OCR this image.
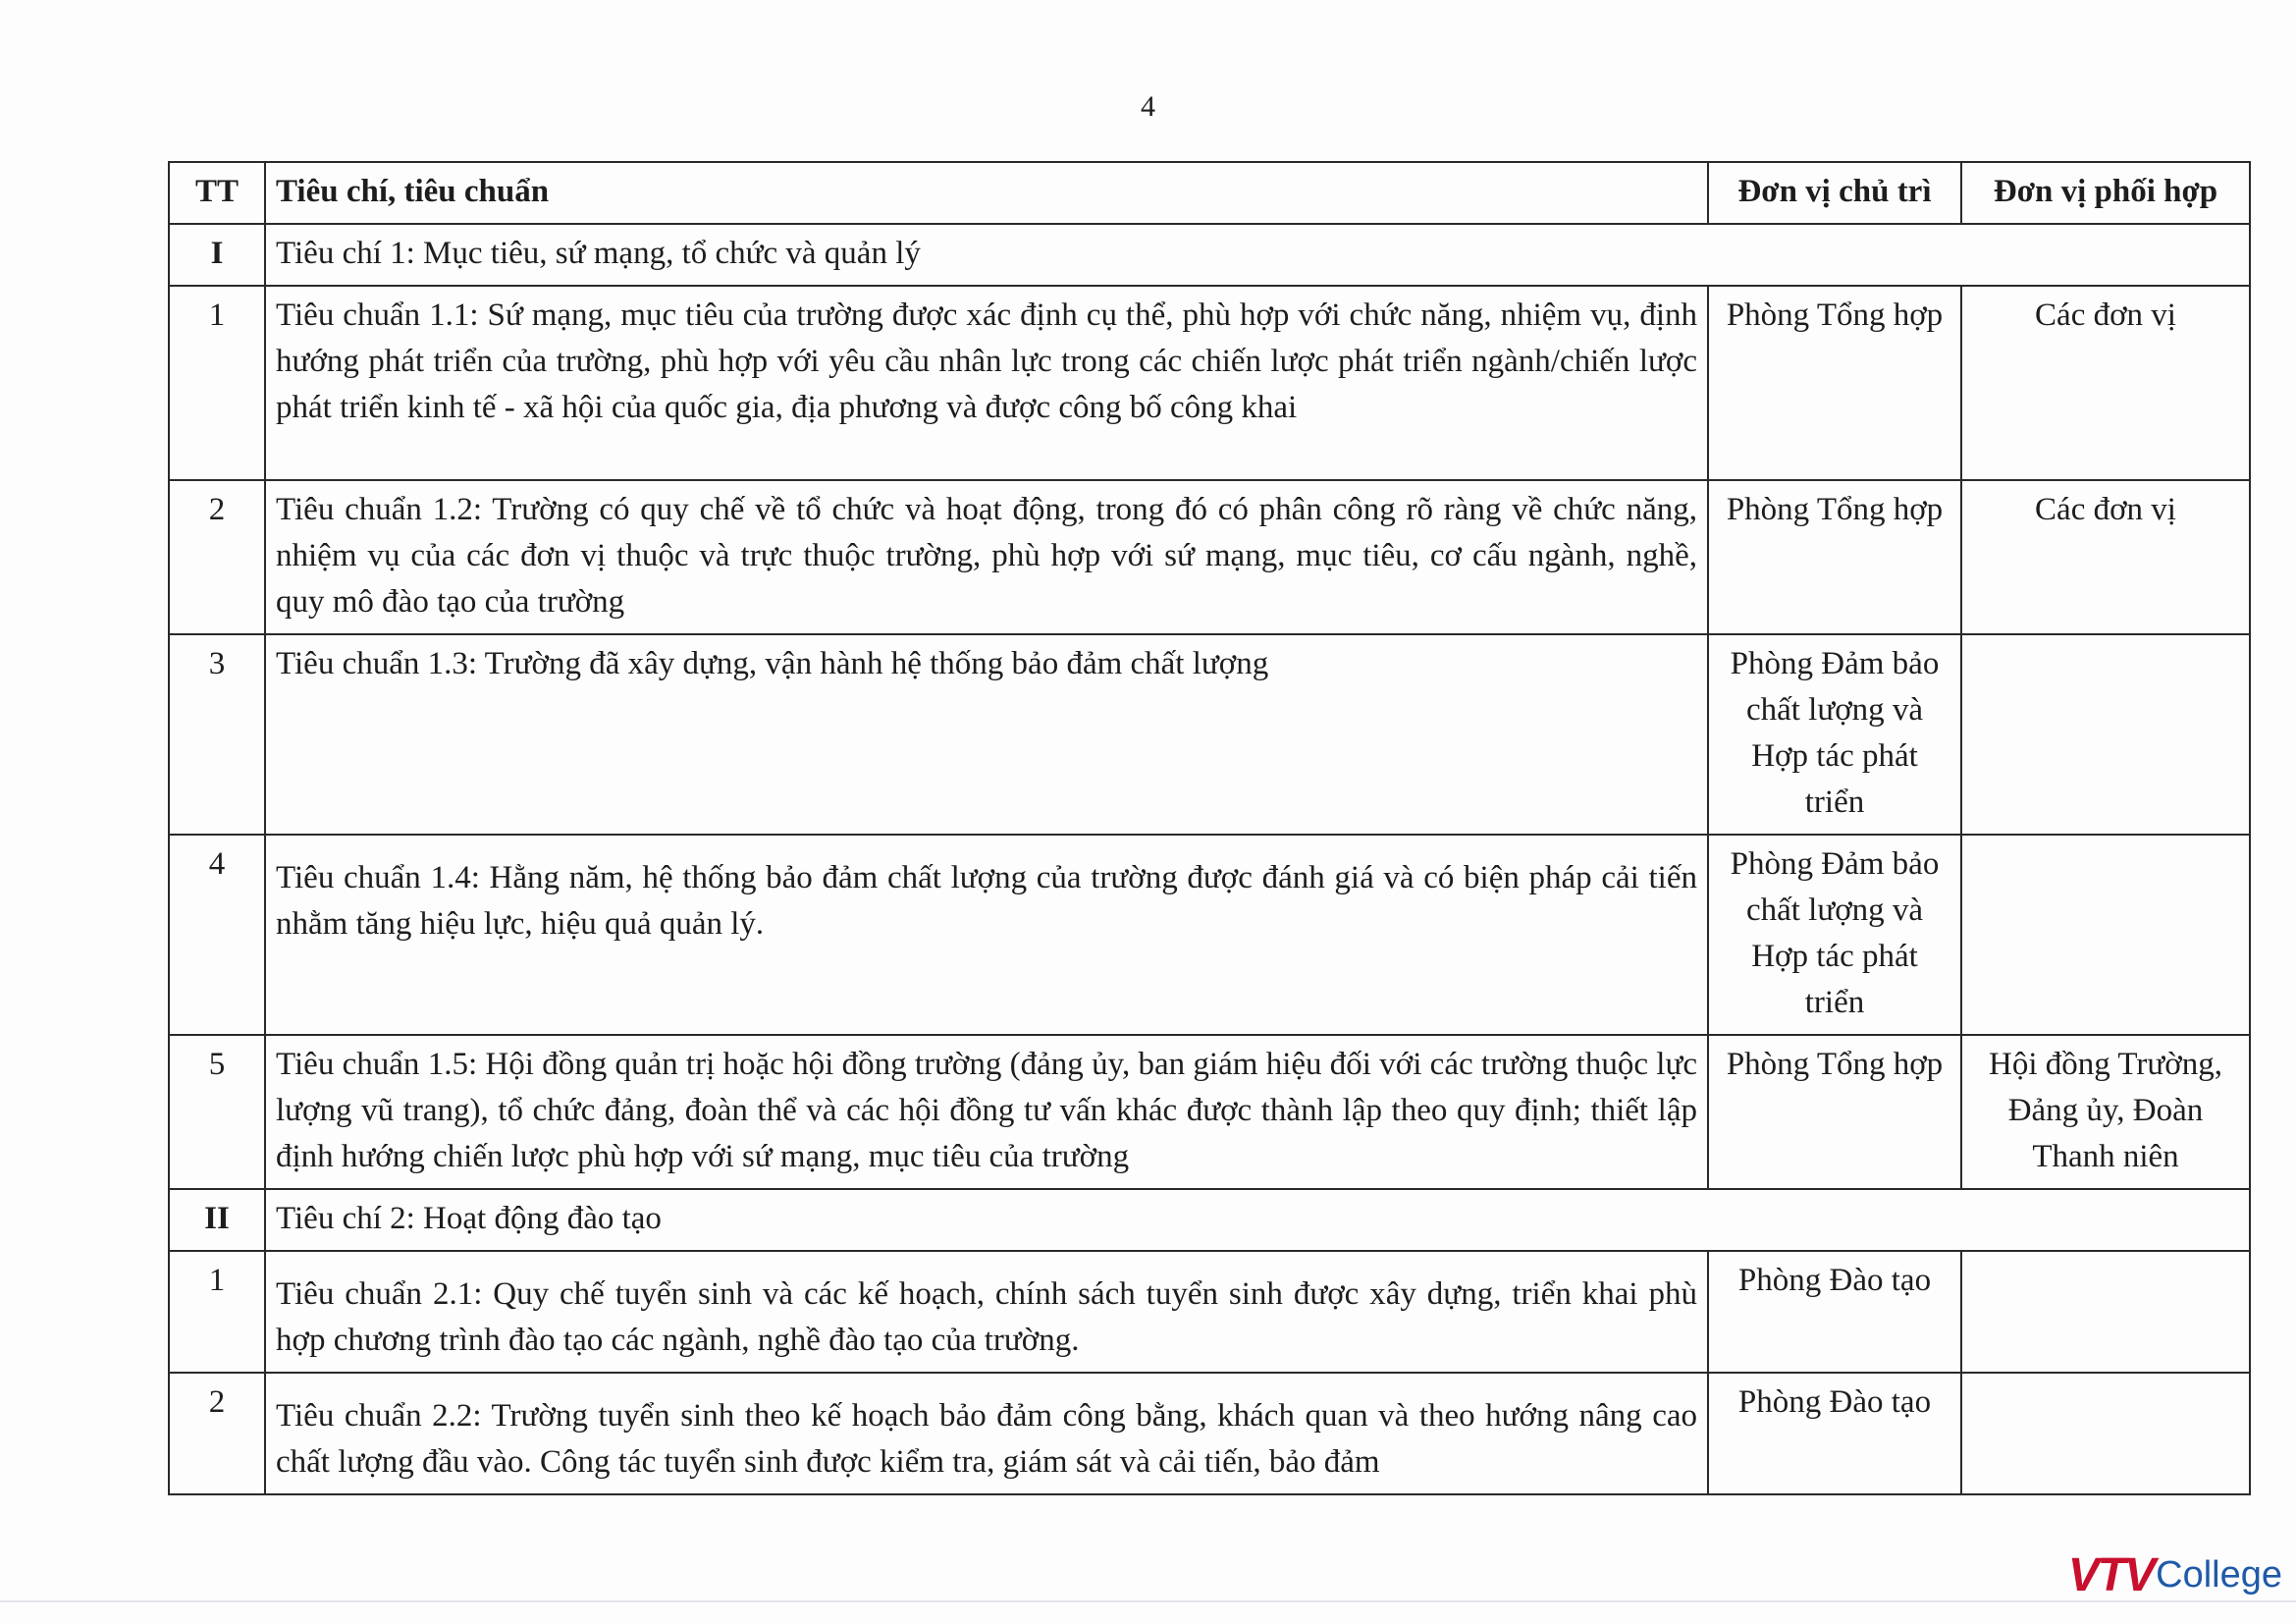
4
TT	Tiêu chí, tiêu chuẩn	Đơn vị chủ trì	Đơn vị phối hợp
I	Tiêu chí 1: Mục tiêu, sứ mạng, tổ chức và quản lý		
1	Tiêu chuẩn 1.1: Sứ mạng, mục tiêu của trường được xác định cụ thể, phù hợp với chức năng, nhiệm vụ, định hướng phát triển của trường, phù hợp với yêu cầu nhân lực trong các chiến lược phát triển ngành/chiến lược phát triển kinh tế - xã hội của quốc gia, địa phương và được công bố công khai	Phòng Tổng hợp	Các đơn vị
2	Tiêu chuẩn 1.2: Trường có quy chế về tổ chức và hoạt động, trong đó có phân công rõ ràng về chức năng, nhiệm vụ của các đơn vị thuộc và trực thuộc trường, phù hợp với sứ mạng, mục tiêu, cơ cấu ngành, nghề, quy mô đào tạo của trường	Phòng Tổng hợp	Các đơn vị
3	Tiêu chuẩn 1.3: Trường đã xây dựng, vận hành hệ thống bảo đảm chất lượng	Phòng Đảm bảo chất lượng và Hợp tác phát triển	
4	Tiêu chuẩn 1.4: Hằng năm, hệ thống bảo đảm chất lượng của trường được đánh giá và có biện pháp cải tiến nhằm tăng hiệu lực, hiệu quả quản lý.	Phòng Đảm bảo chất lượng và Hợp tác phát triển	
5	Tiêu chuẩn 1.5: Hội đồng quản trị hoặc hội đồng trường (đảng ủy, ban giám hiệu đối với các trường thuộc lực lượng vũ trang), tổ chức đảng, đoàn thể và các hội đồng tư vấn khác được thành lập theo quy định; thiết lập định hướng chiến lược phù hợp với sứ mạng, mục tiêu của trường	Phòng Tổng hợp	Hội đồng Trường, Đảng ủy, Đoàn Thanh niên
II	Tiêu chí 2: Hoạt động đào tạo		
1	Tiêu chuẩn 2.1: Quy chế tuyển sinh và các kế hoạch, chính sách tuyển sinh được xây dựng, triển khai phù hợp chương trình đào tạo các ngành, nghề đào tạo của trường.	Phòng Đào tạo	
2	Tiêu chuẩn 2.2: Trường tuyển sinh theo kế hoạch bảo đảm công bằng, khách quan và theo hướng nâng cao chất lượng đầu vào. Công tác tuyển sinh được kiểm tra, giám sát và cải tiến, bảo đảm	Phòng Đào tạo	
VTV College
